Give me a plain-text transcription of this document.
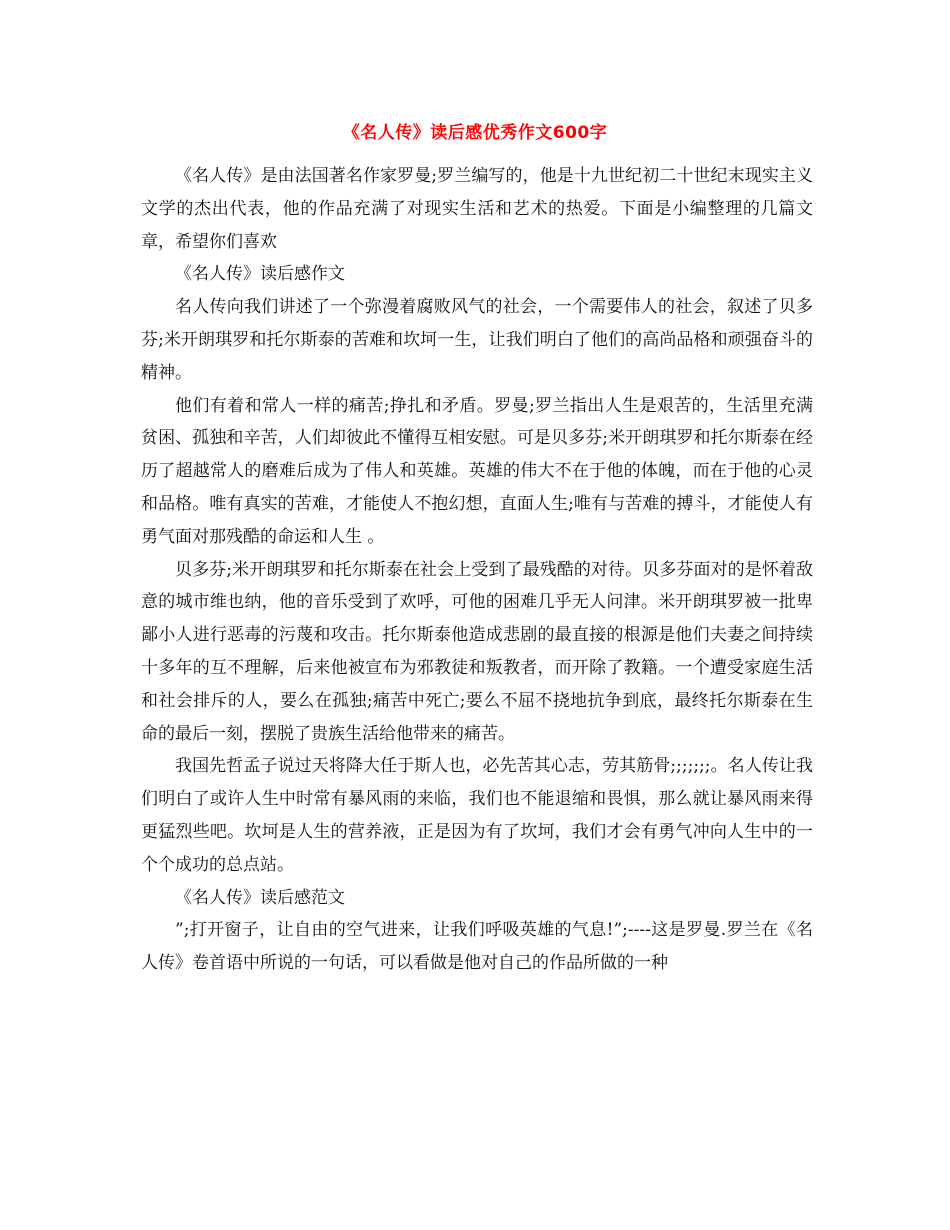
《名人传》读后感优秀作文600字

《名人传》是由法国著名作家罗曼;罗兰编写的，他是十九世纪初二十世纪末现实主义文学的杰出代表，他的作品充满了对现实生活和艺术的热爱。下面是小编整理的几篇文章，希望你们喜欢

《名人传》读后感作文

名人传向我们讲述了一个弥漫着腐败风气的社会，一个需要伟人的社会，叙述了贝多芬;米开朗琪罗和托尔斯泰的苦难和坎坷一生，让我们明白了他们的高尚品格和顽强奋斗的精神。

他们有着和常人一样的痛苦;挣扎和矛盾。罗曼;罗兰指出人生是艰苦的，生活里充满贫困、孤独和辛苦，人们却彼此不懂得互相安慰。可是贝多芬;米开朗琪罗和托尔斯泰在经历了超越常人的磨难后成为了伟人和英雄。英雄的伟大不在于他的体魄，而在于他的心灵和品格。唯有真实的苦难，才能使人不抱幻想，直面人生;唯有与苦难的搏斗，才能使人有勇气面对那残酷的命运和人生 。

贝多芬;米开朗琪罗和托尔斯泰在社会上受到了最残酷的对待。贝多芬面对的是怀着敌意的城市维也纳，他的音乐受到了欢呼，可他的困难几乎无人问津。米开朗琪罗被一批卑鄙小人进行恶毒的污蔑和攻击。托尔斯泰他造成悲剧的最直接的根源是他们夫妻之间持续十多年的互不理解，后来他被宣布为邪教徒和叛教者，而开除了教籍。一个遭受家庭生活和社会排斥的人，要么在孤独;痛苦中死亡;要么不屈不挠地抗争到底，最终托尔斯泰在生命的最后一刻，摆脱了贵族生活给他带来的痛苦。

我国先哲孟子说过天将降大任于斯人也，必先苦其心志，劳其筋骨;;;;;;;。名人传让我们明白了或许人生中时常有暴风雨的来临，我们也不能退缩和畏惧，那么就让暴风雨来得更猛烈些吧。坎坷是人生的营养液，正是因为有了坎坷，我们才会有勇气冲向人生中的一个个成功的总点站。

《名人传》读后感范文

”;打开窗子，让自由的空气进来，让我们呼吸英雄的气息!”;----这是罗曼.罗兰在《名人传》卷首语中所说的一句话，可以看做是他对自己的作品所做的一种
